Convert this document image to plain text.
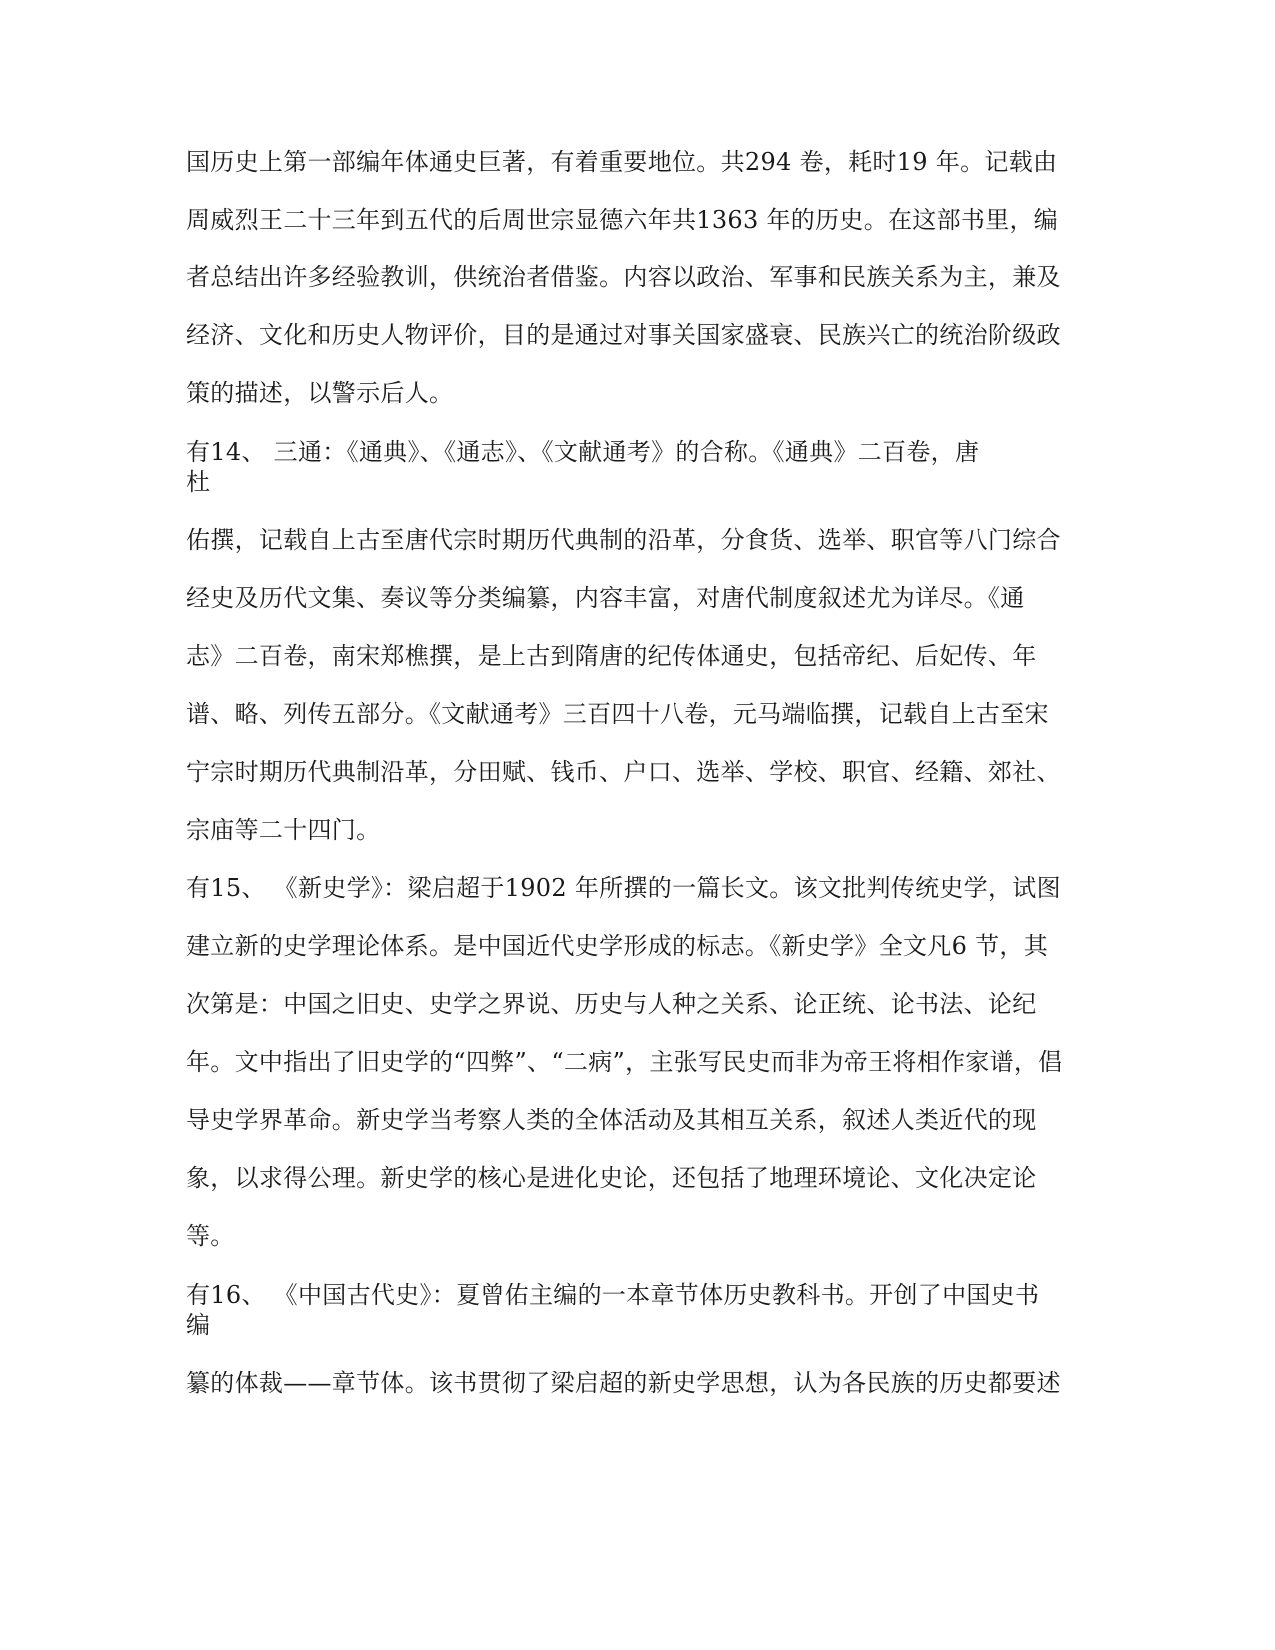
国历史上第一部编年体通史巨著，有着重要地位。共294 卷，耗时19 年。记载由
周威烈王二十三年到五代的后周世宗显德六年共1363 年的历史。在这部书里，编
者总结出许多经验教训，供统治者借鉴。内容以政治、军事和民族关系为主，兼及
经济、文化和历史人物评价，目的是通过对事关国家盛衰、民族兴亡的统治阶级政
策的描述，以警示后人。
有14、 三通：《通典》、《通志》、《文献通考》的合称。《通典》二百卷，唐
杜
佑撰，记载自上古至唐代宗时期历代典制的沿革，分食货、选举、职官等八门综合
经史及历代文集、奏议等分类编纂，内容丰富，对唐代制度叙述尤为详尽。《通
志》二百卷，南宋郑樵撰，是上古到隋唐的纪传体通史，包括帝纪、后妃传、年
谱、略、列传五部分。《文献通考》三百四十八卷，元马端临撰，记载自上古至宋
宁宗时期历代典制沿革，分田赋、钱币、户口、选举、学校、职官、经籍、郊社、
宗庙等二十四门。
有15、 《新史学》：梁启超于1902 年所撰的一篇长文。该文批判传统史学，试图
建立新的史学理论体系。是中国近代史学形成的标志。《新史学》全文凡6 节，其
次第是：中国之旧史、史学之界说、历史与人种之关系、论正统、论书法、论纪
年。文中指出了旧史学的“四弊”、“二病”，主张写民史而非为帝王将相作家谱，倡
导史学界革命。新史学当考察人类的全体活动及其相互关系，叙述人类近代的现
象，以求得公理。新史学的核心是进化史论，还包括了地理环境论、文化决定论
等。
有16、 《中国古代史》：夏曾佑主编的一本章节体历史教科书。开创了中国史书
编
纂的体裁——章节体。该书贯彻了梁启超的新史学思想，认为各民族的历史都要述
